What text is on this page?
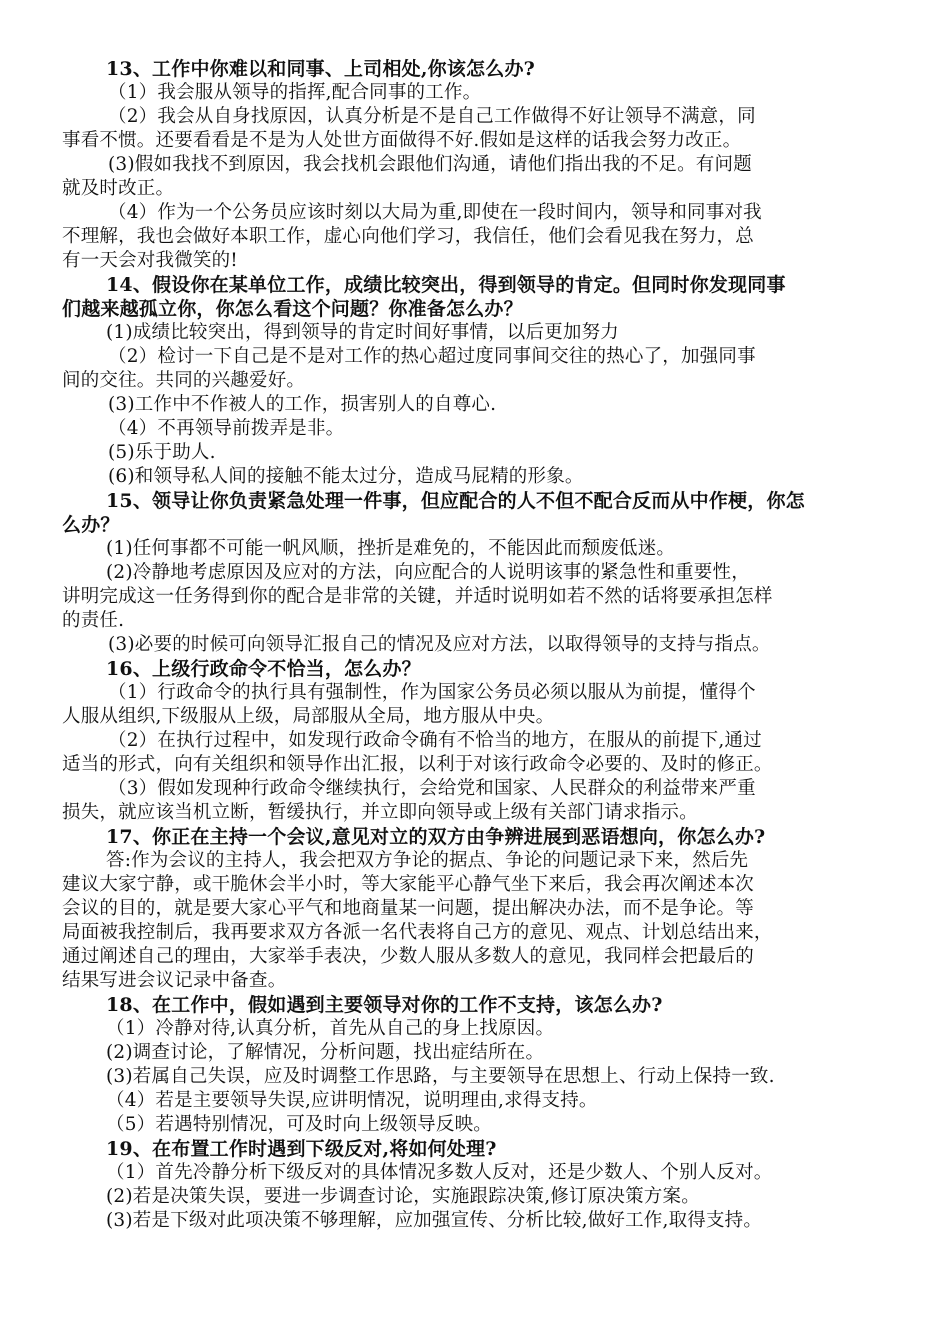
13、工作中你难以和同事、上司相处,你该怎么办?
（1）我会服从领导的指挥,配合同事的工作。
（2）我会从自身找原因，认真分析是不是自己工作做得不好让领导不满意，同
事看不惯。还要看看是不是为人处世方面做得不好.假如是这样的话我会努力改正。
(3)假如我找不到原因，我会找机会跟他们沟通，请他们指出我的不足。有问题
就及时改正。
（4）作为一个公务员应该时刻以大局为重,即使在一段时间内，领导和同事对我
不理解，我也会做好本职工作，虚心向他们学习，我信任，他们会看见我在努力，总
有一天会对我微笑的!
14、假设你在某单位工作，成绩比较突出，得到领导的肯定。但同时你发现同事
们越来越孤立你，你怎么看这个问题？你准备怎么办？
(1)成绩比较突出，得到领导的肯定时间好事情，以后更加努力
（2）检讨一下自己是不是对工作的热心超过度同事间交往的热心了，加强同事
间的交往。共同的兴趣爱好。
(3)工作中不作被人的工作，损害别人的自尊心.
（4）不再领导前拨弄是非。
(5)乐于助人.
(6)和领导私人间的接触不能太过分，造成马屁精的形象。
15、领导让你负责紧急处理一件事，但应配合的人不但不配合反而从中作梗，你怎
么办？
(1)任何事都不可能一帆风顺，挫折是难免的，不能因此而颓废低迷。
(2)冷静地考虑原因及应对的方法，向应配合的人说明该事的紧急性和重要性，
讲明完成这一任务得到你的配合是非常的关键，并适时说明如若不然的话将要承担怎样
的责任.
(3)必要的时候可向领导汇报自己的情况及应对方法，以取得领导的支持与指点。
16、上级行政命令不恰当，怎么办？
（1）行政命令的执行具有强制性，作为国家公务员必须以服从为前提，懂得个
人服从组织,下级服从上级，局部服从全局，地方服从中央。
（2）在执行过程中，如发现行政命令确有不恰当的地方，在服从的前提下,通过
适当的形式，向有关组织和领导作出汇报，以利于对该行政命令必要的、及时的修正。
（3）假如发现种行政命令继续执行，会给党和国家、人民群众的利益带来严重
损失，就应该当机立断，暂缓执行，并立即向领导或上级有关部门请求指示。
17、你正在主持一个会议,意见对立的双方由争辨进展到恶语想向，你怎么办?
答:作为会议的主持人，我会把双方争论的据点、争论的问题记录下来，然后先
建议大家宁静，或干脆休会半小时，等大家能平心静气坐下来后，我会再次阐述本次
会议的目的，就是要大家心平气和地商量某一问题，提出解决办法，而不是争论。等
局面被我控制后，我再要求双方各派一名代表将自己方的意见、观点、计划总结出来，
通过阐述自己的理由，大家举手表决，少数人服从多数人的意见，我同样会把最后的
结果写进会议记录中备查。
18、在工作中，假如遇到主要领导对你的工作不支持，该怎么办?
（1）冷静对待,认真分析，首先从自己的身上找原因。
(2)调查讨论，了解情况，分析问题，找出症结所在。
(3)若属自己失误，应及时调整工作思路，与主要领导在思想上、行动上保持一致.
（4）若是主要领导失误,应讲明情况，说明理由,求得支持。
（5）若遇特别情况，可及时向上级领导反映。
19、在布置工作时遇到下级反对,将如何处理?
（1）首先冷静分析下级反对的具体情况多数人反对，还是少数人、个别人反对。
(2)若是决策失误，要进一步调查讨论，实施跟踪决策,修订原决策方案。
(3)若是下级对此项决策不够理解，应加强宣传、分析比较,做好工作,取得支持。
